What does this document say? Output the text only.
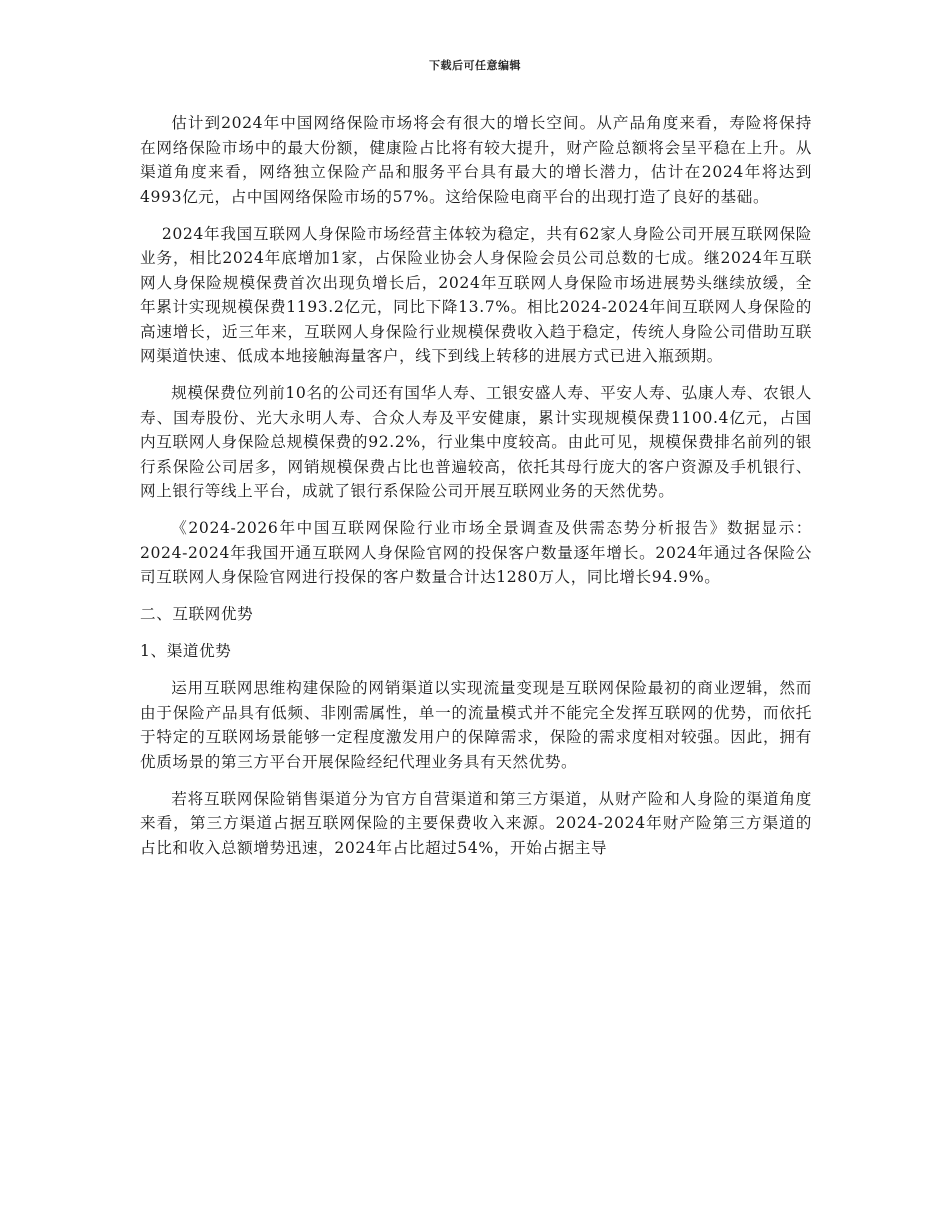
下载后可任意编辑

估计到2024年中国网络保险市场将会有很大的增长空间。从产品角度来看，寿险将保持在网络保险市场中的最大份额，健康险占比将有较大提升，财产险总额将会呈平稳在上升。从渠道角度来看，网络独立保险产品和服务平台具有最大的增长潜力，估计在2024年将达到4993亿元，占中国网络保险市场的57%。这给保险电商平台的出现打造了良好的基础。

2024年我国互联网人身保险市场经营主体较为稳定，共有62家人身险公司开展互联网保险业务，相比2024年底增加1家，占保险业协会人身保险会员公司总数的七成。继2024年互联网人身保险规模保费首次出现负增长后，2024年互联网人身保险市场进展势头继续放缓，全年累计实现规模保费1193.2亿元，同比下降13.7%。相比2024-2024年间互联网人身保险的高速增长，近三年来，互联网人身保险行业规模保费收入趋于稳定，传统人身险公司借助互联网渠道快速、低成本地接触海量客户，线下到线上转移的进展方式已进入瓶颈期。

规模保费位列前10名的公司还有国华人寿、工银安盛人寿、平安人寿、弘康人寿、农银人寿、国寿股份、光大永明人寿、合众人寿及平安健康，累计实现规模保费1100.4亿元，占国内互联网人身保险总规模保费的92.2%，行业集中度较高。由此可见，规模保费排名前列的银行系保险公司居多，网销规模保费占比也普遍较高，依托其母行庞大的客户资源及手机银行、网上银行等线上平台，成就了银行系保险公司开展互联网业务的天然优势。

《2024-2026年中国互联网保险行业市场全景调查及供需态势分析报告》数据显示：2024-2024年我国开通互联网人身保险官网的投保客户数量逐年增长。2024年通过各保险公司互联网人身保险官网进行投保的客户数量合计达1280万人，同比增长94.9%。

二、互联网优势

1、渠道优势

运用互联网思维构建保险的网销渠道以实现流量变现是互联网保险最初的商业逻辑，然而由于保险产品具有低频、非刚需属性，单一的流量模式并不能完全发挥互联网的优势，而依托于特定的互联网场景能够一定程度激发用户的保障需求，保险的需求度相对较强。因此，拥有优质场景的第三方平台开展保险经纪代理业务具有天然优势。

若将互联网保险销售渠道分为官方自营渠道和第三方渠道，从财产险和人身险的渠道角度来看，第三方渠道占据互联网保险的主要保费收入来源。2024-2024年财产险第三方渠道的占比和收入总额增势迅速，2024年占比超过54%，开始占据主导
